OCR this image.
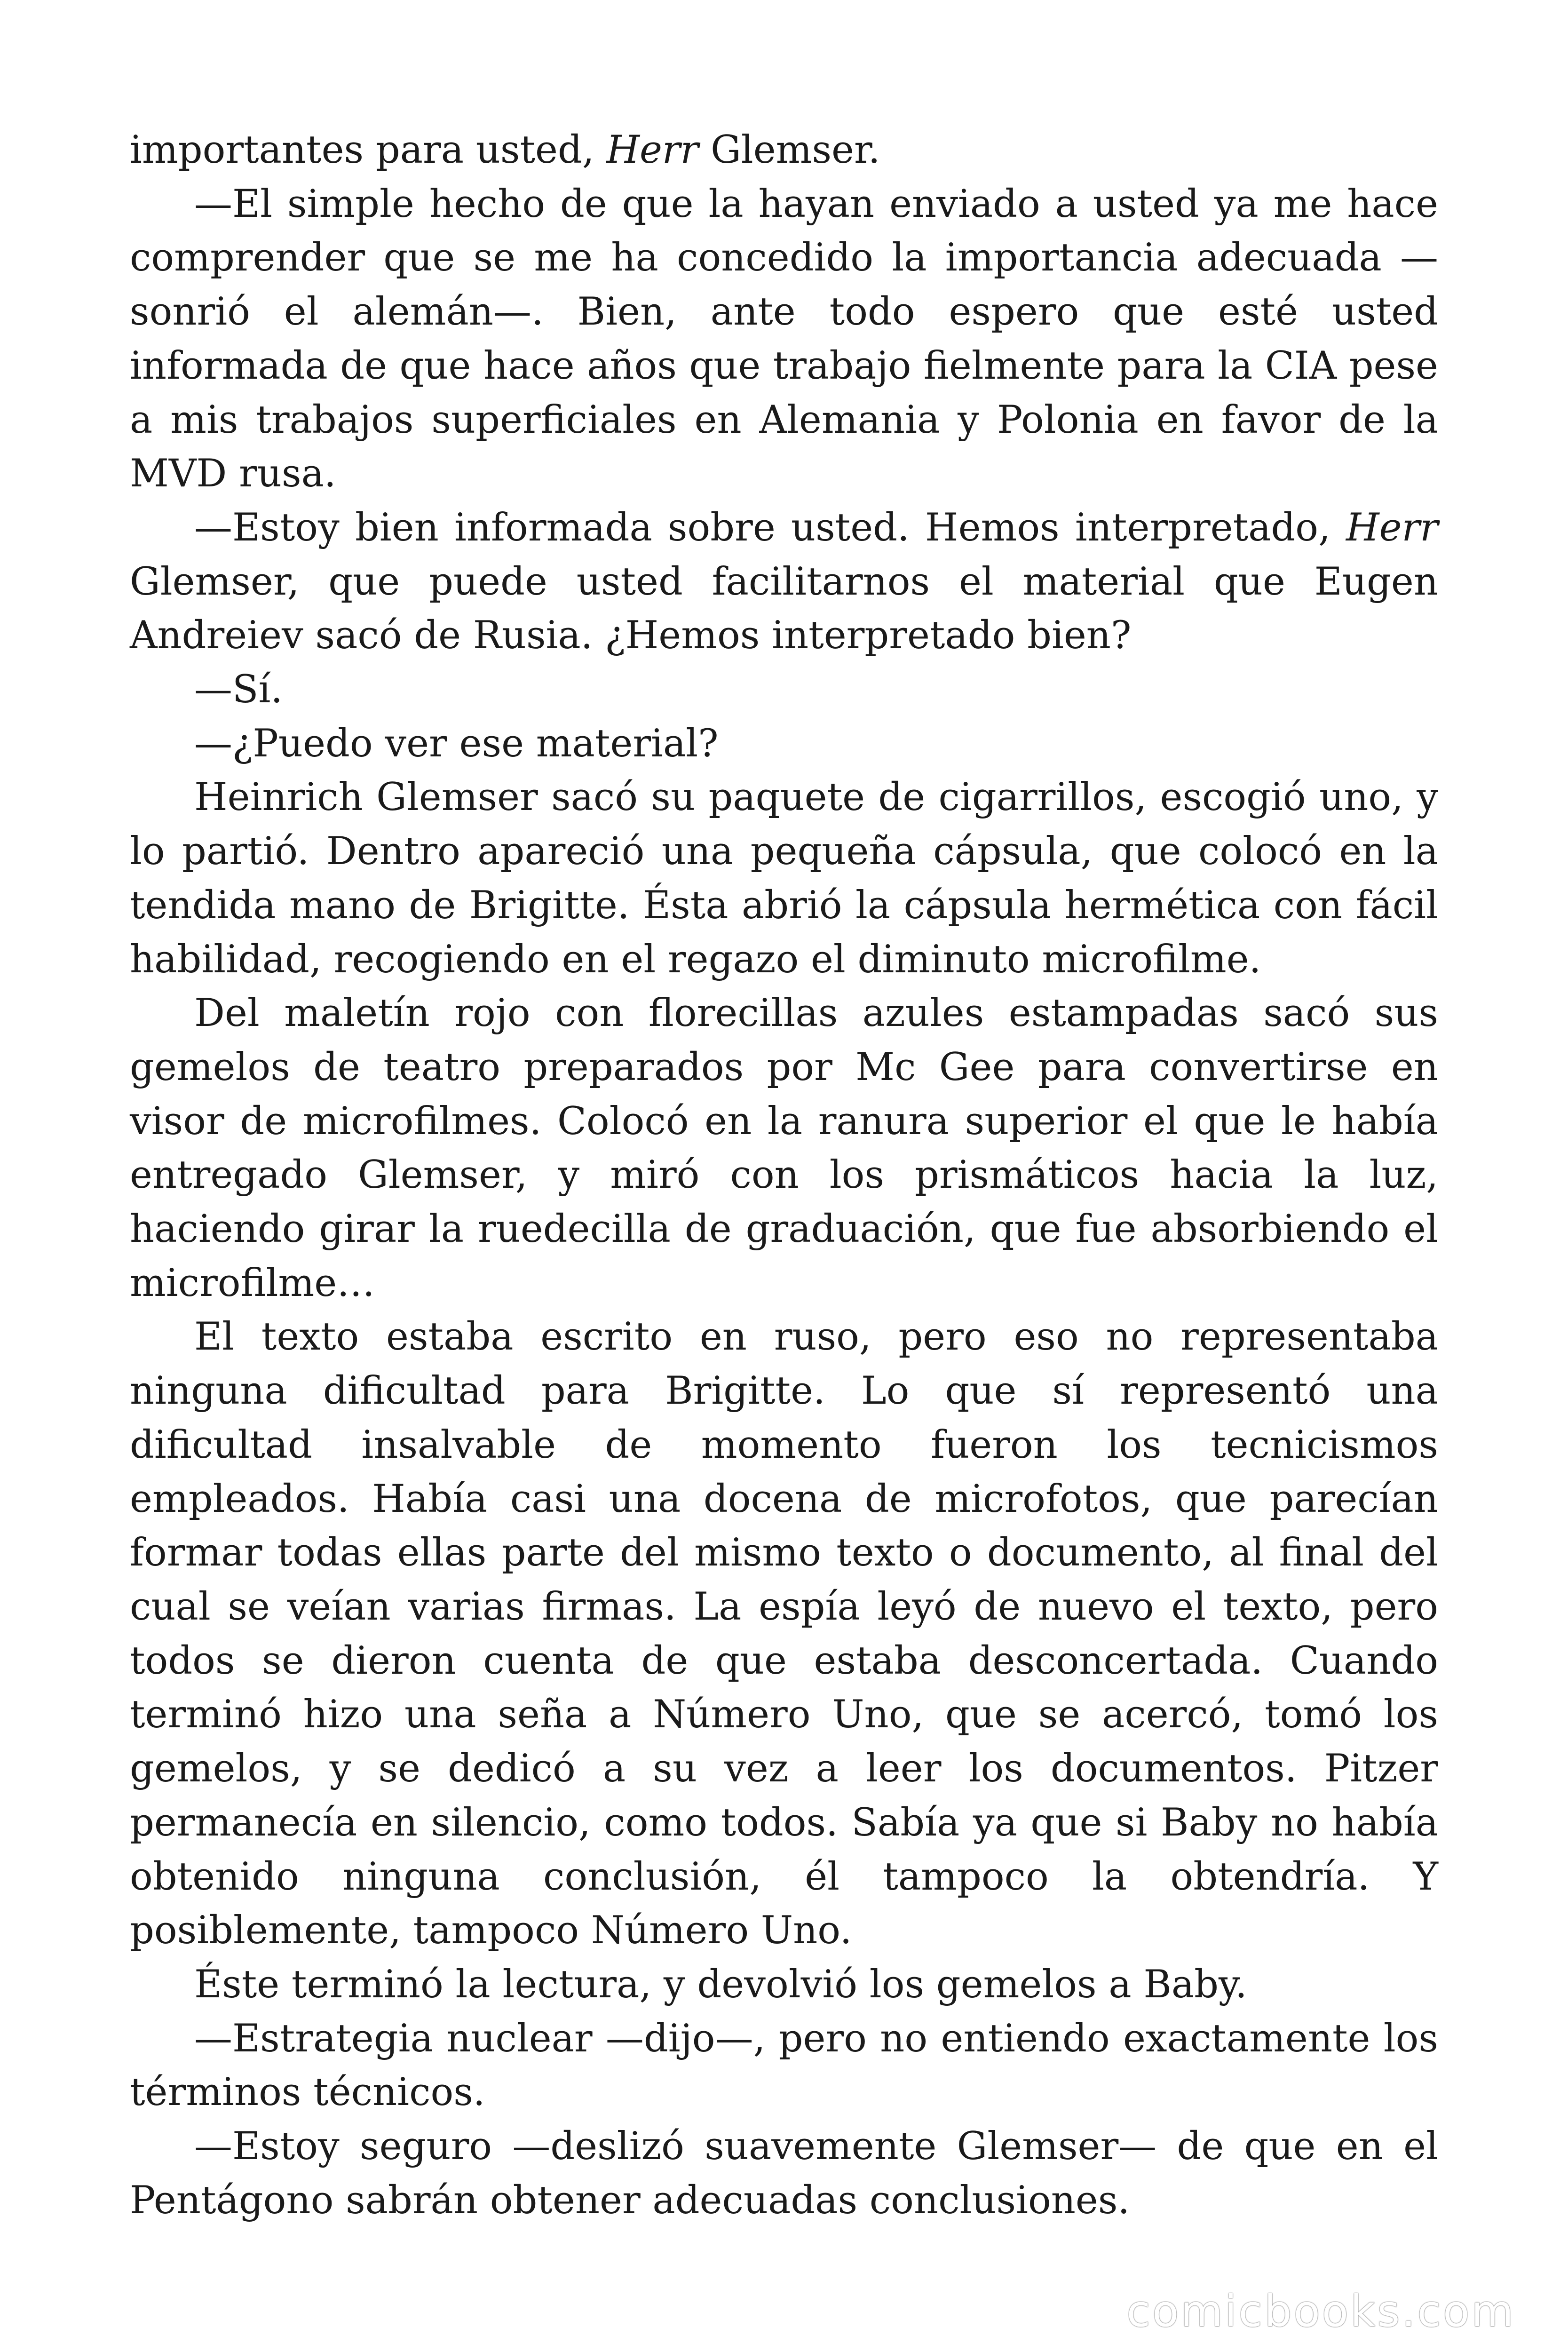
importantes para usted, Herr Glemser.

—El simple hecho de que la hayan enviado a usted ya me hace comprender que se me ha concedido la importancia adecuada —sonrió el alemán—. Bien, ante todo espero que esté usted informada de que hace años que trabajo fielmente para la CIA pese a mis trabajos superficiales en Alemania y Polonia en favor de la MVD rusa.

—Estoy bien informada sobre usted. Hemos interpretado, Herr Glemser, que puede usted facilitarnos el material que Eugen Andreiev sacó de Rusia. ¿Hemos interpretado bien?

—Sí.

—¿Puedo ver ese material?

Heinrich Glemser sacó su paquete de cigarrillos, escogió uno, y lo partió. Dentro apareció una pequeña cápsula, que colocó en la tendida mano de Brigitte. Ésta abrió la cápsula hermética con fácil habilidad, recogiendo en el regazo el diminuto microfilme.

Del maletín rojo con florecillas azules estampadas sacó sus gemelos de teatro preparados por Mc Gee para convertirse en visor de microfilmes. Colocó en la ranura superior el que le había entregado Glemser, y miró con los prismáticos hacia la luz, haciendo girar la ruedecilla de graduación, que fue absorbiendo el microfilme…

El texto estaba escrito en ruso, pero eso no representaba ninguna dificultad para Brigitte. Lo que sí representó una dificultad insalvable de momento fueron los tecnicismos empleados. Había casi una docena de microfotos, que parecían formar todas ellas parte del mismo texto o documento, al final del cual se veían varias firmas. La espía leyó de nuevo el texto, pero todos se dieron cuenta de que estaba desconcertada. Cuando terminó hizo una seña a Número Uno, que se acercó, tomó los gemelos, y se dedicó a su vez a leer los documentos. Pitzer permanecía en silencio, como todos. Sabía ya que si Baby no había obtenido ninguna conclusión, él tampoco la obtendría. Y posiblemente, tampoco Número Uno.

Éste terminó la lectura, y devolvió los gemelos a Baby.

—Estrategia nuclear —dijo—, pero no entiendo exactamente los términos técnicos.

—Estoy seguro —deslizó suavemente Glemser— de que en el Pentágono sabrán obtener adecuadas conclusiones.

comicbooks.com
